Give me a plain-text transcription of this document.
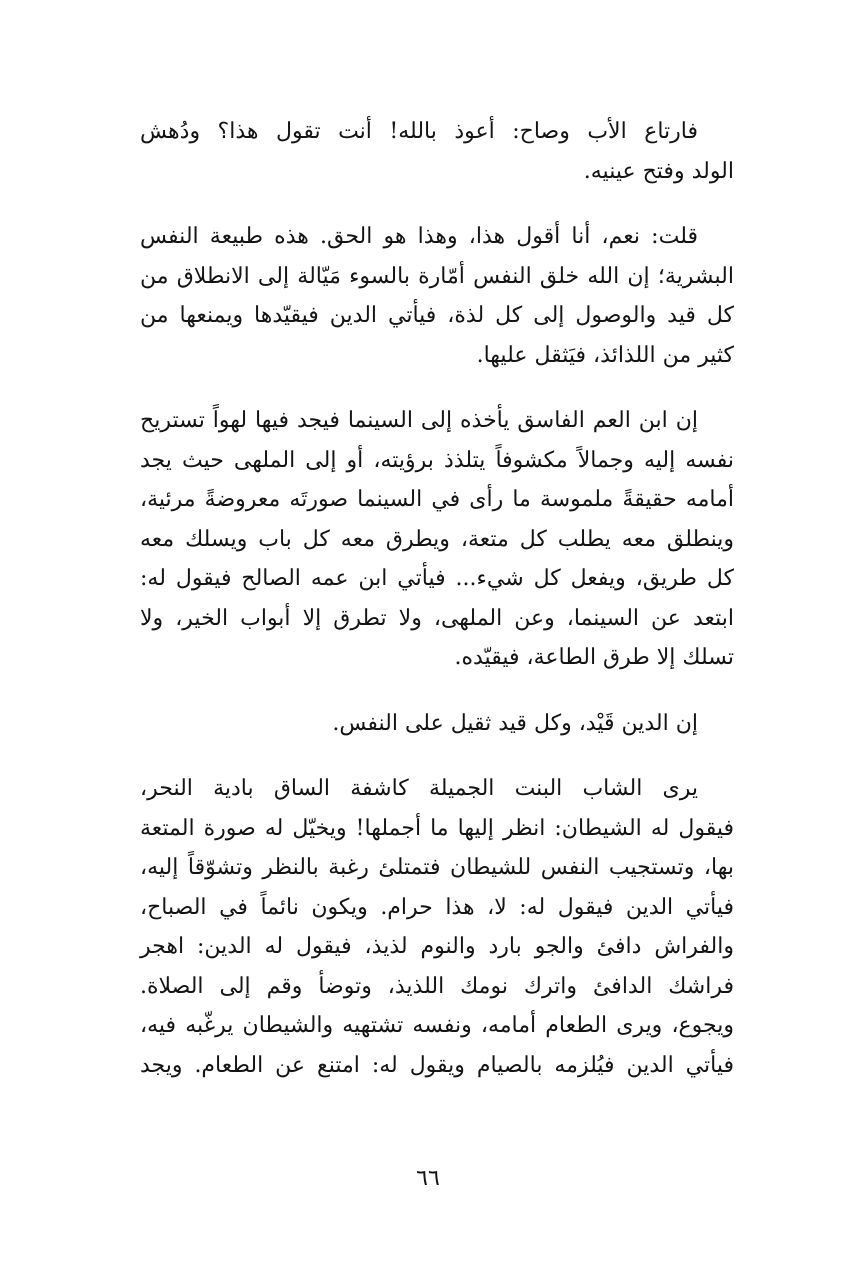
فارتاع الأب وصاح: أعوذ بالله! أنت تقول هذا؟ ودُهش
الولد وفتح عينيه.

قلت: نعم، أنا أقول هذا، وهذا هو الحق. هذه طبيعة النفس
البشرية؛ إن الله خلق النفس أمّارة بالسوء مَيّالة إلى الانطلاق من
كل قيد والوصول إلى كل لذة، فيأتي الدين فيقيّدها ويمنعها من
كثير من اللذائذ، فيَثقل عليها.

إن ابن العم الفاسق يأخذه إلى السينما فيجد فيها لهواً تستريح
نفسه إليه وجمالاً مكشوفاً يتلذذ برؤيته، أو إلى الملهى حيث يجد
أمامه حقيقةً ملموسة ما رأى في السينما صورتَه معروضةً مرئية،
وينطلق معه يطلب كل متعة، ويطرق معه كل باب ويسلك معه
كل طريق، ويفعل كل شيء... فيأتي ابن عمه الصالح فيقول له:
ابتعد عن السينما، وعن الملهى، ولا تطرق إلا أبواب الخير، ولا
تسلك إلا طرق الطاعة، فيقيّده.

إن الدين قَيْد، وكل قيد ثقيل على النفس.

يرى الشاب البنت الجميلة كاشفة الساق بادية النحر،
فيقول له الشيطان: انظر إليها ما أجملها! ويخيّل له صورة المتعة
بها، وتستجيب النفس للشيطان فتمتلئ رغبة بالنظر وتشوّقاً إليه،
فيأتي الدين فيقول له: لا، هذا حرام. ويكون نائماً في الصباح،
والفراش دافئ والجو بارد والنوم لذيذ، فيقول له الدين: اهجر
فراشك الدافئ واترك نومك اللذيذ، وتوضأ وقم إلى الصلاة.
ويجوع، ويرى الطعام أمامه، ونفسه تشتهيه والشيطان يرغّبه فيه،
فيأتي الدين فيُلزمه بالصيام ويقول له: امتنع عن الطعام. ويجد

٦٦
